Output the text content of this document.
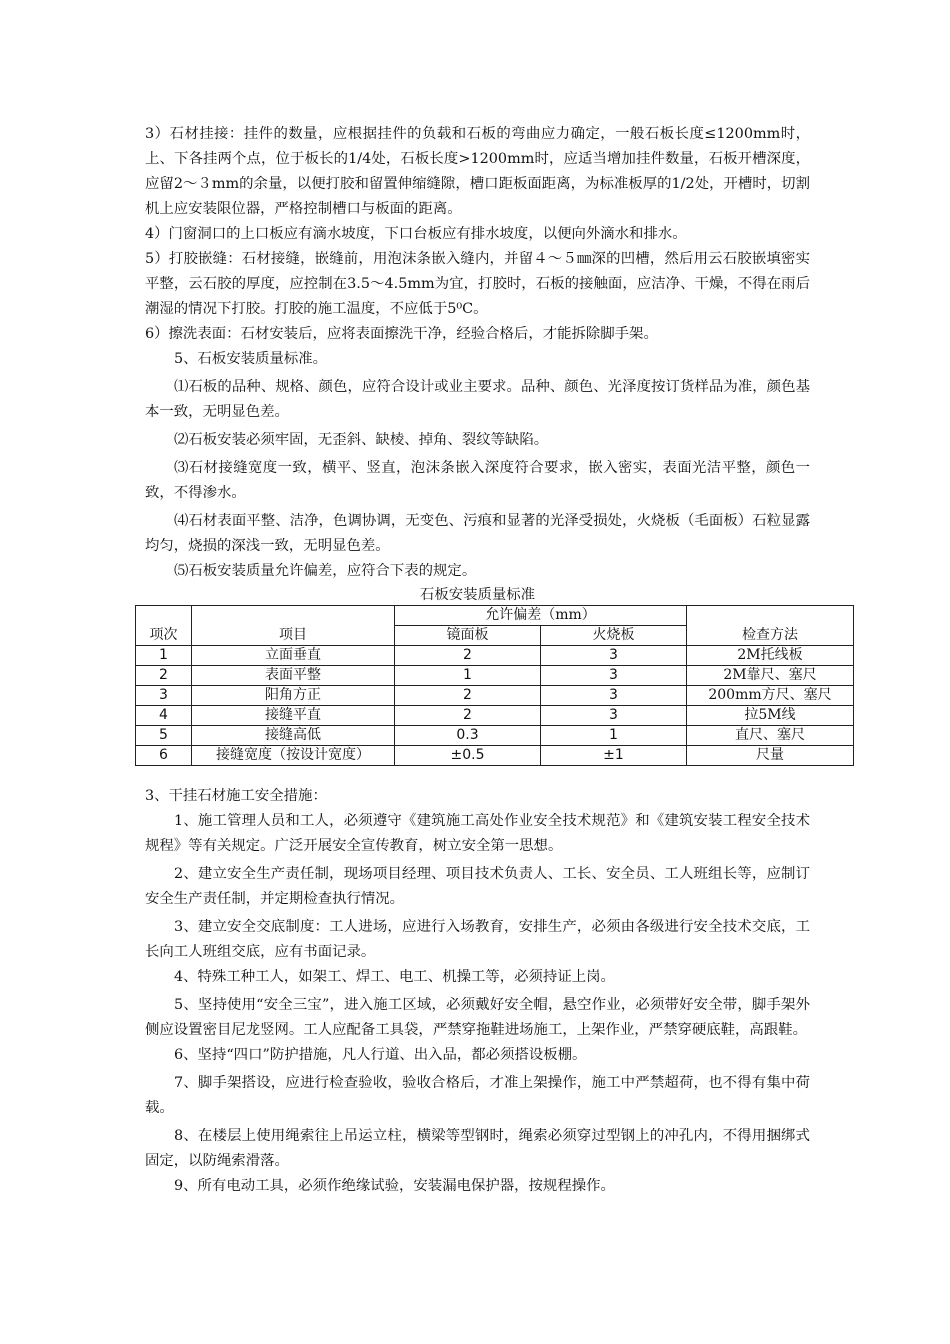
3）石材挂接：挂件的数量，应根据挂件的负载和石板的弯曲应力确定，一般石板长度≤1200mm时，上、下各挂两个点，位于板长的1/4处，石板长度>1200mm时，应适当增加挂件数量，石板开槽深度，应留2～３mm的余量，以便打胶和留置伸缩缝隙，槽口距板面距离，为标准板厚的1/2处，开槽时，切割机上应安装限位器，严格控制槽口与板面的距离。

4）门窗洞口的上口板应有滴水坡度，下口台板应有排水坡度，以便向外滴水和排水。

5）打胶嵌缝：石材接缝，嵌缝前，用泡沫条嵌入缝内，并留４～５㎜深的凹槽，然后用云石胶嵌填密实平整，云石胶的厚度，应控制在3.5～4.5mm为宜，打胶时，石板的接触面，应洁净、干燥，不得在雨后潮湿的情况下打胶。打胶的施工温度，不应低于5⁰C。

6）擦洗表面：石材安装后，应将表面擦洗干净，经验合格后，才能拆除脚手架。

5、石板安装质量标准。

⑴石板的品种、规格、颜色，应符合设计或业主要求。品种、颜色、光泽度按订货样品为准，颜色基本一致，无明显色差。

⑵石板安装必须牢固，无歪斜、缺棱、掉角、裂纹等缺陷。

⑶石材接缝宽度一致，横平、竖直，泡沫条嵌入深度符合要求，嵌入密实，表面光洁平整，颜色一致，不得渗水。

⑷石材表面平整、洁净，色调协调，无变色、污痕和显著的光泽受损处，火烧板（毛面板）石粒显露均匀，烧损的深浅一致，无明显色差。

⑸石板安装质量允许偏差，应符合下表的规定。

石板安装质量标准
项次	项目	允许偏差（mm）		检查方法
		镜面板	火烧板	
1	立面垂直	2	3	2M托线板
2	表面平整	1	3	2M靠尺、塞尺
3	阳角方正	2	3	200mm方尺、塞尺
4	接缝平直	2	3	拉5M线
5	接缝高低	0.3	1	直尺、塞尺
6	接缝宽度（按设计宽度）	±0.5	±1	尺量

3、干挂石材施工安全措施：

1、施工管理人员和工人，必须遵守《建筑施工高处作业安全技术规范》和《建筑安装工程安全技术规程》等有关规定。广泛开展安全宣传教育，树立安全第一思想。

2、建立安全生产责任制，现场项目经理、项目技术负责人、工长、安全员、工人班组长等，应制订安全生产责任制，并定期检查执行情况。

3、建立安全交底制度：工人进场，应进行入场教育，安排生产，必须由各级进行安全技术交底，工长向工人班组交底，应有书面记录。

4、特殊工种工人，如架工、焊工、电工、机操工等，必须持证上岗。

5、坚持使用“安全三宝”，进入施工区域，必须戴好安全帽，悬空作业，必须带好安全带，脚手架外侧应设置密目尼龙竖网。工人应配备工具袋，严禁穿拖鞋进场施工，上架作业，严禁穿硬底鞋，高跟鞋。

6、坚持“四口”防护措施，凡人行道、出入品，都必须搭设板棚。

7、脚手架搭设，应进行检查验收，验收合格后，才准上架操作，施工中严禁超荷，也不得有集中荷载。

8、在楼层上使用绳索往上吊运立柱，横梁等型钢时，绳索必须穿过型钢上的冲孔内，不得用捆绑式固定，以防绳索滑落。

9、所有电动工具，必须作绝缘试验，安装漏电保护器，按规程操作。
